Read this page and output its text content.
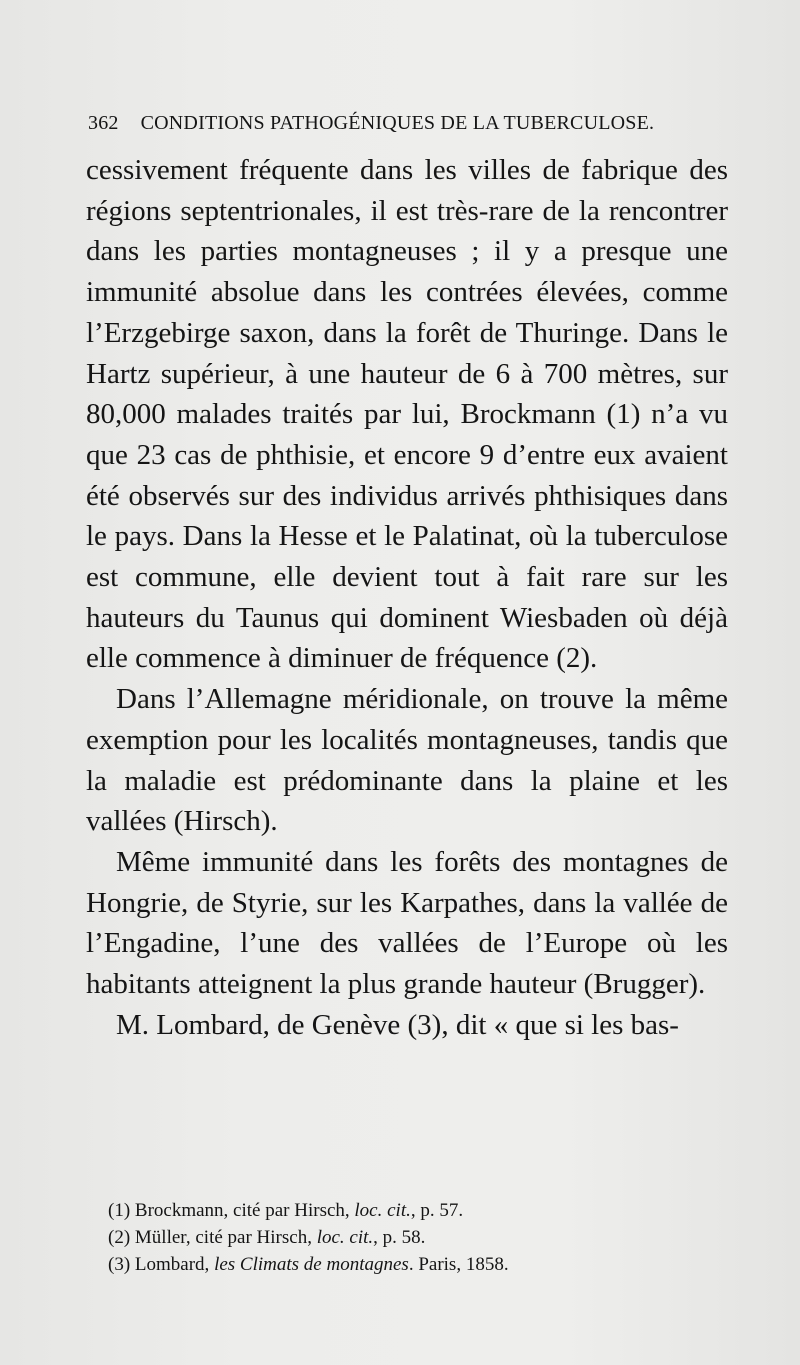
362 CONDITIONS PATHOGÉNIQUES DE LA TUBERCULOSE.

cessivement fréquente dans les villes de fabrique des régions septentrionales, il est très-rare de la rencontrer dans les parties montagneuses ; il y a presque une immunité absolue dans les contrées élevées, comme l’Erzgebirge saxon, dans la forêt de Thuringe. Dans le Hartz supérieur, à une hauteur de 6 à 700 mètres, sur 80,000 malades traités par lui, Brockmann (1) n’a vu que 23 cas de phthisie, et encore 9 d’entre eux avaient été observés sur des individus arrivés phthisiques dans le pays. Dans la Hesse et le Palatinat, où la tuberculose est commune, elle devient tout à fait rare sur les hauteurs du Taunus qui dominent Wiesbaden où déjà elle commence à diminuer de fréquence (2).

Dans l’Allemagne méridionale, on trouve la même exemption pour les localités montagneuses, tandis que la maladie est prédominante dans la plaine et les vallées (Hirsch).

Même immunité dans les forêts des montagnes de Hongrie, de Styrie, sur les Karpathes, dans la vallée de l’Engadine, l’une des vallées de l’Europe où les habitants atteignent la plus grande hauteur (Brugger).

M. Lombard, de Genève (3), dit « que si les bas-

(1) Brockmann, cité par Hirsch, loc. cit., p. 57.
(2) Müller, cité par Hirsch, loc. cit., p. 58.
(3) Lombard, les Climats de montagnes. Paris, 1858.
